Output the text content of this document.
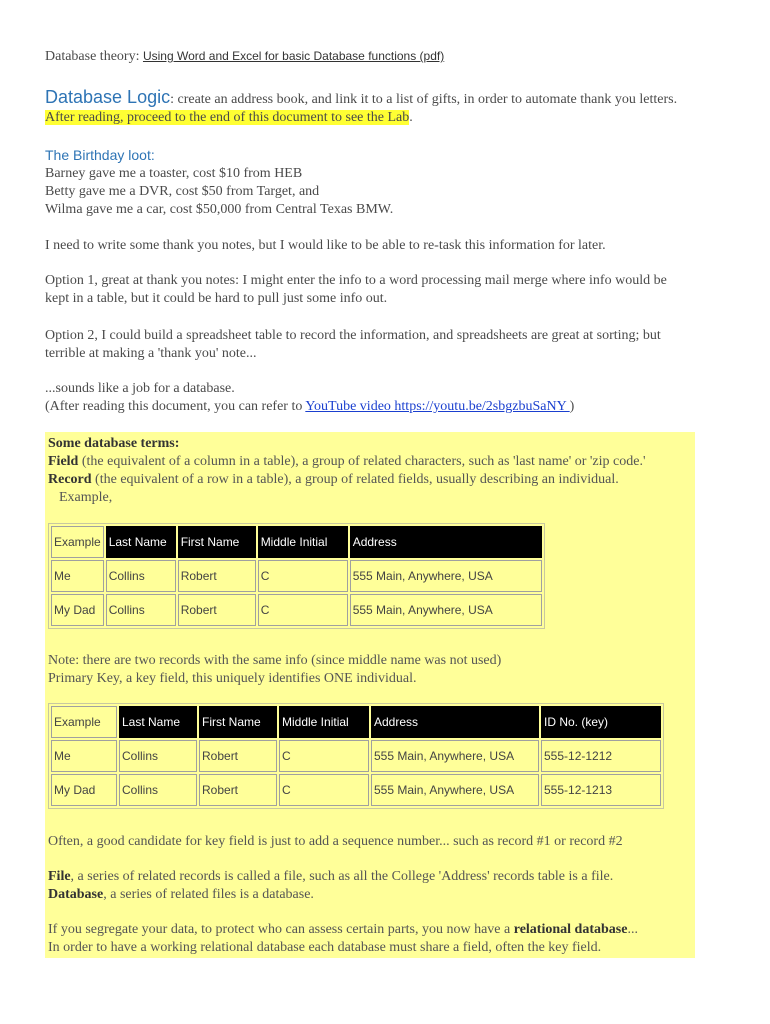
Database theory: Using Word and Excel for basic Database functions (pdf)
Database Logic: create an address book, and link it to a list of gifts, in order to automate thank you letters.
After reading, proceed to the end of this document to see the Lab.
The Birthday loot:
Barney gave me a toaster, cost $10 from HEB
Betty gave me a DVR, cost $50 from Target, and
Wilma gave me a car, cost $50,000 from Central Texas BMW.
I need to write some thank you notes, but I would like to be able to re-task this information for later.
Option 1, great at thank you notes: I might enter the info to a word processing mail merge where info would be
kept in a table, but it could be hard to pull just some info out.
Option 2, I could build a spreadsheet table to record the information, and spreadsheets are great at sorting; but
terrible at making a 'thank you' note...
...sounds like a job for a database.
(After reading this document, you can refer to YouTube video https://youtu.be/2sbgzbuSaNY )
Some database terms:
Field (the equivalent of a column in a table), a group of related characters, such as 'last name' or 'zip code.'
Record (the equivalent of a row in a table), a group of related fields, usually describing an individual.
Example,
Example	Last Name	First Name	Middle Initial	Address
Me	Collins	Robert	C	555 Main, Anywhere, USA
My Dad	Collins	Robert	C	555 Main, Anywhere, USA
Note: there are two records with the same info (since middle name was not used)
Primary Key, a key field, this uniquely identifies ONE individual.
Example	Last Name	First Name	Middle Initial	Address	ID No. (key)
Me	Collins	Robert	C	555 Main, Anywhere, USA	555-12-1212
My Dad	Collins	Robert	C	555 Main, Anywhere, USA	555-12-1213
Often, a good candidate for key field is just to add a sequence number... such as record #1 or record #2
File, a series of related records is called a file, such as all the College 'Address' records table is a file.
Database, a series of related files is a database.
If you segregate your data, to protect who can assess certain parts, you now have a relational database...
In order to have a working relational database each database must share a field, often the key field.
